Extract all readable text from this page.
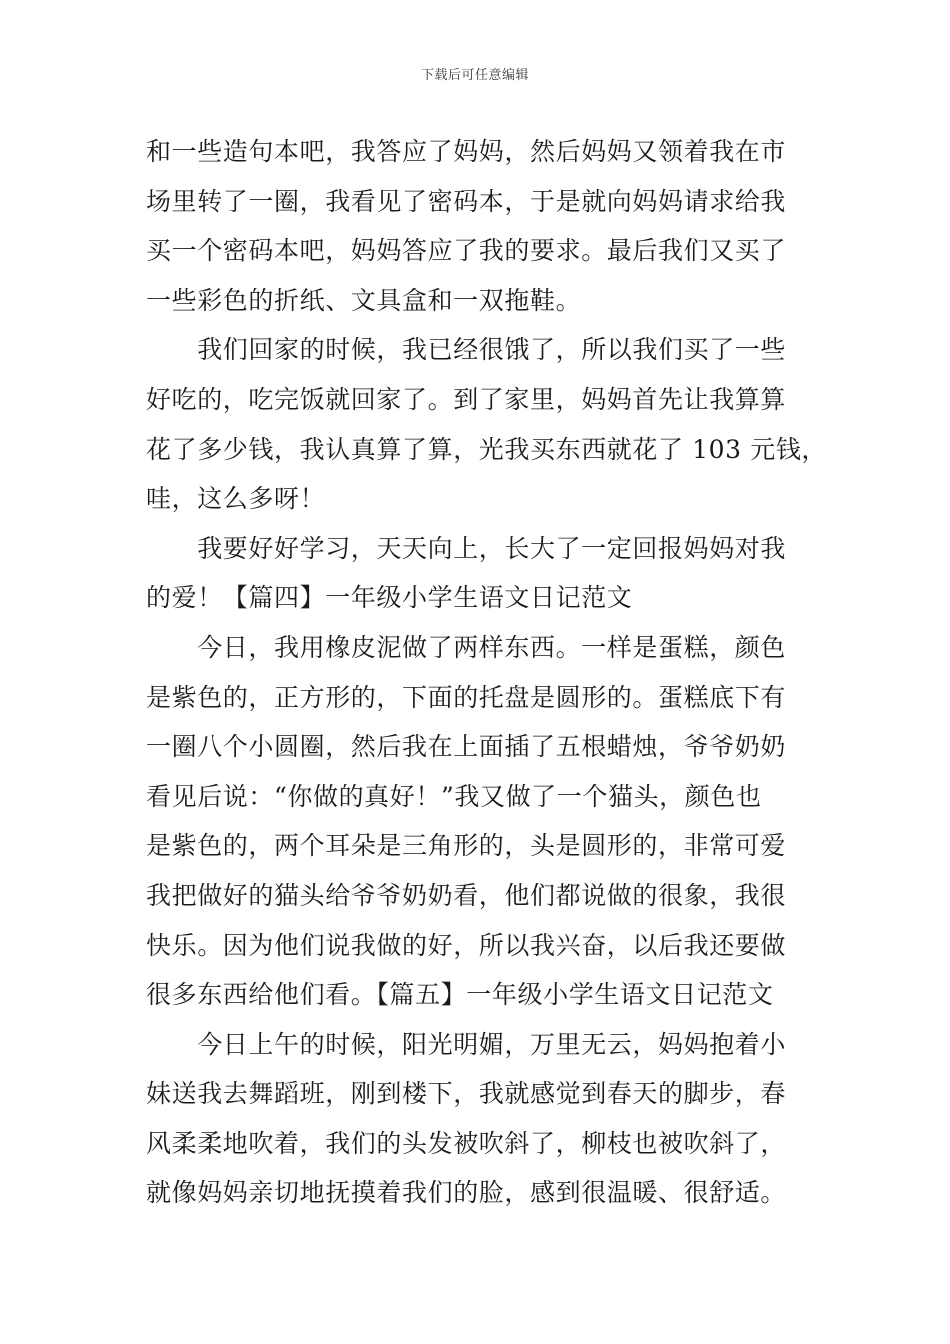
下载后可任意编辑
和一些造句本吧，我答应了妈妈，然后妈妈又领着我在市
场里转了一圈，我看见了密码本，于是就向妈妈请求给我
买一个密码本吧，妈妈答应了我的要求。最后我们又买了
一些彩色的折纸、文具盒和一双拖鞋。
　　我们回家的时候，我已经很饿了，所以我们买了一些
好吃的，吃完饭就回家了。到了家里，妈妈首先让我算算
花了多少钱，我认真算了算，光我买东西就花了 103 元钱，
哇，这么多呀！
　　我要好好学习，天天向上，长大了一定回报妈妈对我
的爱！【篇四】一年级小学生语文日记范文
　　今日，我用橡皮泥做了两样东西。一样是蛋糕，颜色
是紫色的，正方形的，下面的托盘是圆形的。蛋糕底下有
一圈八个小圆圈，然后我在上面插了五根蜡烛，爷爷奶奶
看见后说：“你做的真好！”我又做了一个猫头，颜色也
是紫色的，两个耳朵是三角形的，头是圆形的，非常可爱
我把做好的猫头给爷爷奶奶看，他们都说做的很象，我很
快乐。因为他们说我做的好，所以我兴奋，以后我还要做
很多东西给他们看。【篇五】一年级小学生语文日记范文
　　今日上午的时候，阳光明媚，万里无云，妈妈抱着小
妹送我去舞蹈班，刚到楼下，我就感觉到春天的脚步，春
风柔柔地吹着，我们的头发被吹斜了，柳枝也被吹斜了，
就像妈妈亲切地抚摸着我们的脸，感到很温暖、很舒适。
